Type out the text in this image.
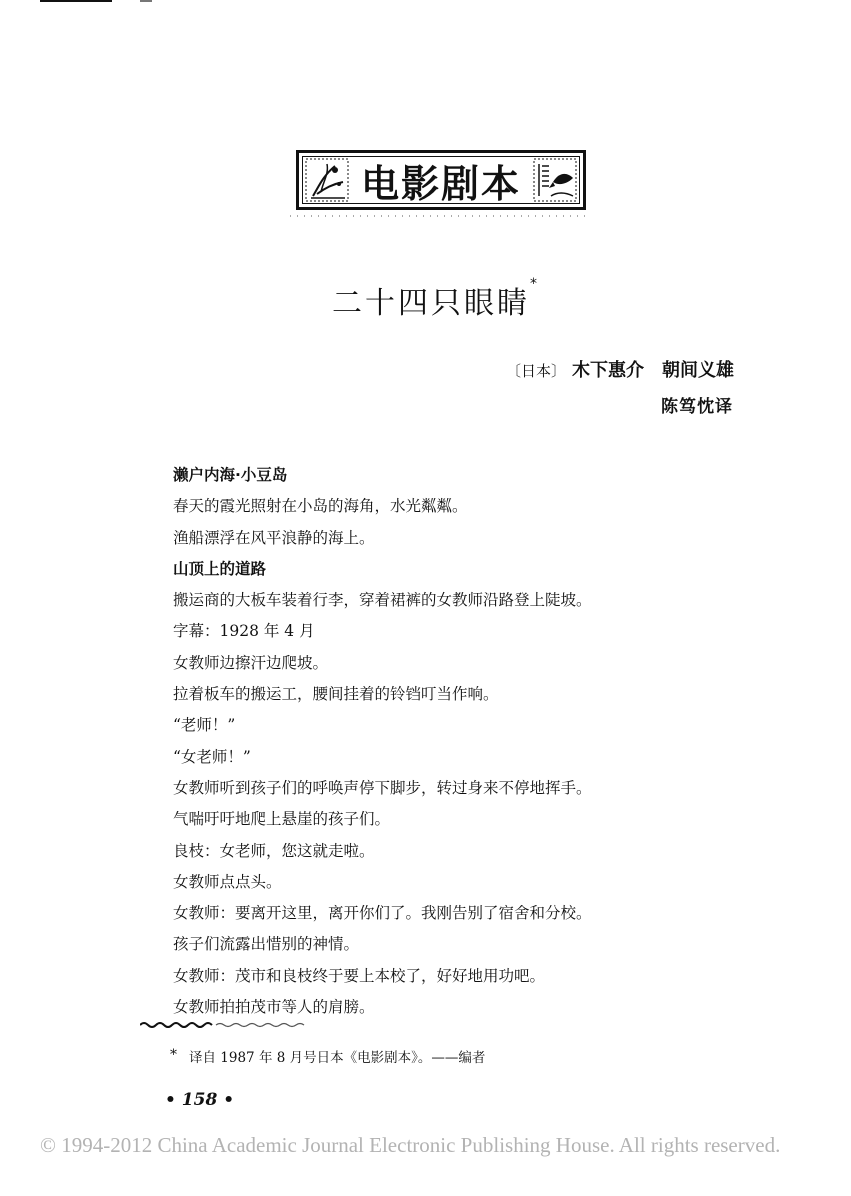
电影剧本
二十四只眼睛*
〔日本〕 木下惠介 朝间义雄
陈笃忱译
濑户内海·小豆岛
春天的霞光照射在小岛的海角，水光粼粼。
渔船漂浮在风平浪静的海上。
山顶上的道路
搬运商的大板车装着行李，穿着裙裤的女教师沿路登上陡坡。
字幕：1928 年 4 月
女教师边擦汗边爬坡。
拉着板车的搬运工，腰间挂着的铃铛叮当作响。
“老师！”
“女老师！”
女教师听到孩子们的呼唤声停下脚步，转过身来不停地挥手。
气喘吁吁地爬上悬崖的孩子们。
良枝：女老师，您这就走啦。
女教师点点头。
女教师：要离开这里，离开你们了。我刚告别了宿舍和分校。
孩子们流露出惜别的神情。
女教师：茂市和良枝终于要上本校了，好好地用功吧。
女教师拍拍茂市等人的肩膀。
* 译自 1987 年 8 月号日本《电影剧本》。——编者
• 158 •
© 1994-2012 China Academic Journal Electronic Publishing House. All rights reserved.
